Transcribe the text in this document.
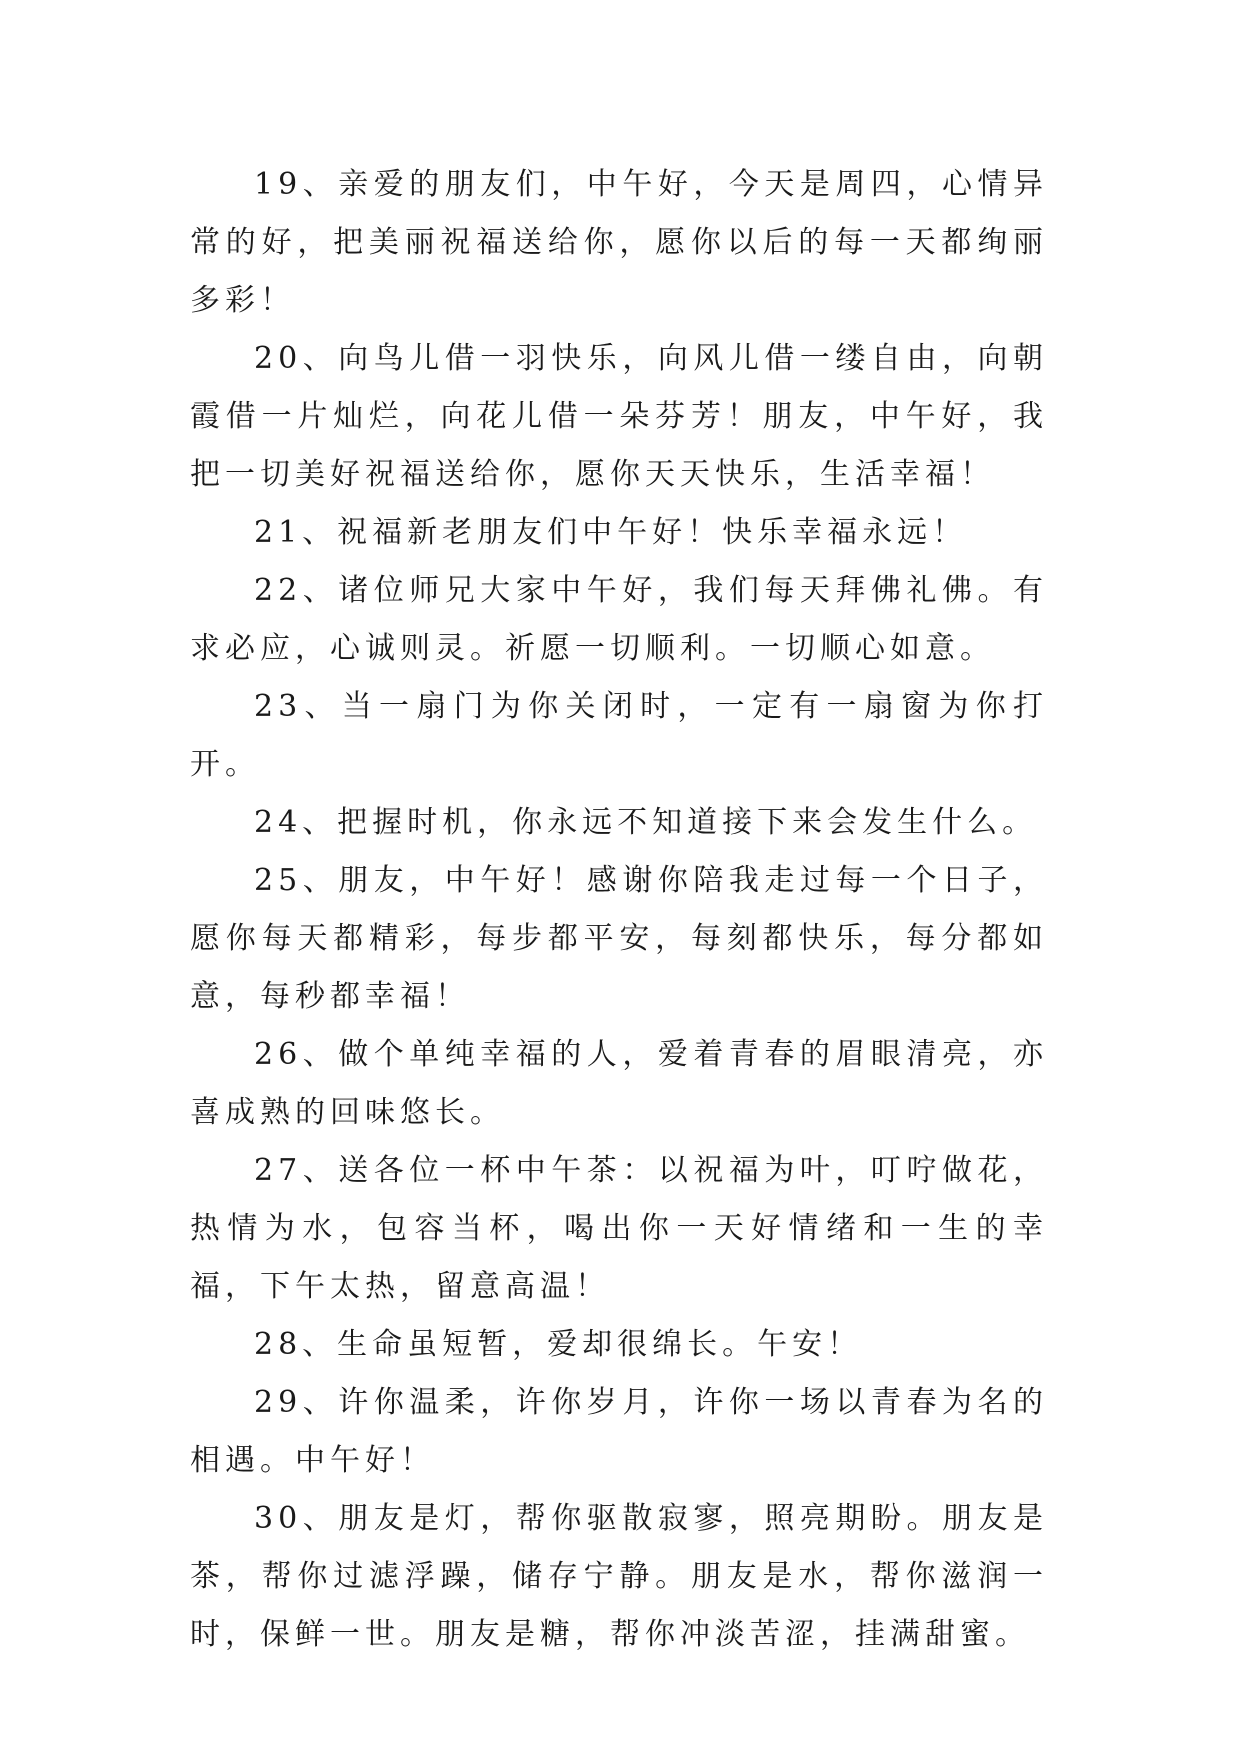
19、亲爱的朋友们，中午好，今天是周四，心情异常的好，把美丽祝福送给你，愿你以后的每一天都绚丽多彩！

20、向鸟儿借一羽快乐，向风儿借一缕自由，向朝霞借一片灿烂，向花儿借一朵芬芳！朋友，中午好，我把一切美好祝福送给你，愿你天天快乐，生活幸福！

21、祝福新老朋友们中午好！快乐幸福永远！

22、诸位师兄大家中午好，我们每天拜佛礼佛。有求必应，心诚则灵。祈愿一切顺利。一切顺心如意。

23、当一扇门为你关闭时，一定有一扇窗为你打开。

24、把握时机，你永远不知道接下来会发生什么。

25、朋友，中午好！感谢你陪我走过每一个日子，愿你每天都精彩，每步都平安，每刻都快乐，每分都如意，每秒都幸福！

26、做个单纯幸福的人，爱着青春的眉眼清亮，亦喜成熟的回味悠长。

27、送各位一杯中午茶：以祝福为叶，叮咛做花，热情为水，包容当杯，喝出你一天好情绪和一生的幸福，下午太热，留意高温！

28、生命虽短暂，爱却很绵长。午安！

29、许你温柔，许你岁月，许你一场以青春为名的相遇。中午好！

30、朋友是灯，帮你驱散寂寥，照亮期盼。朋友是茶，帮你过滤浮躁，储存宁静。朋友是水，帮你滋润一时，保鲜一世。朋友是糖，帮你冲淡苦涩，挂满甜蜜。
